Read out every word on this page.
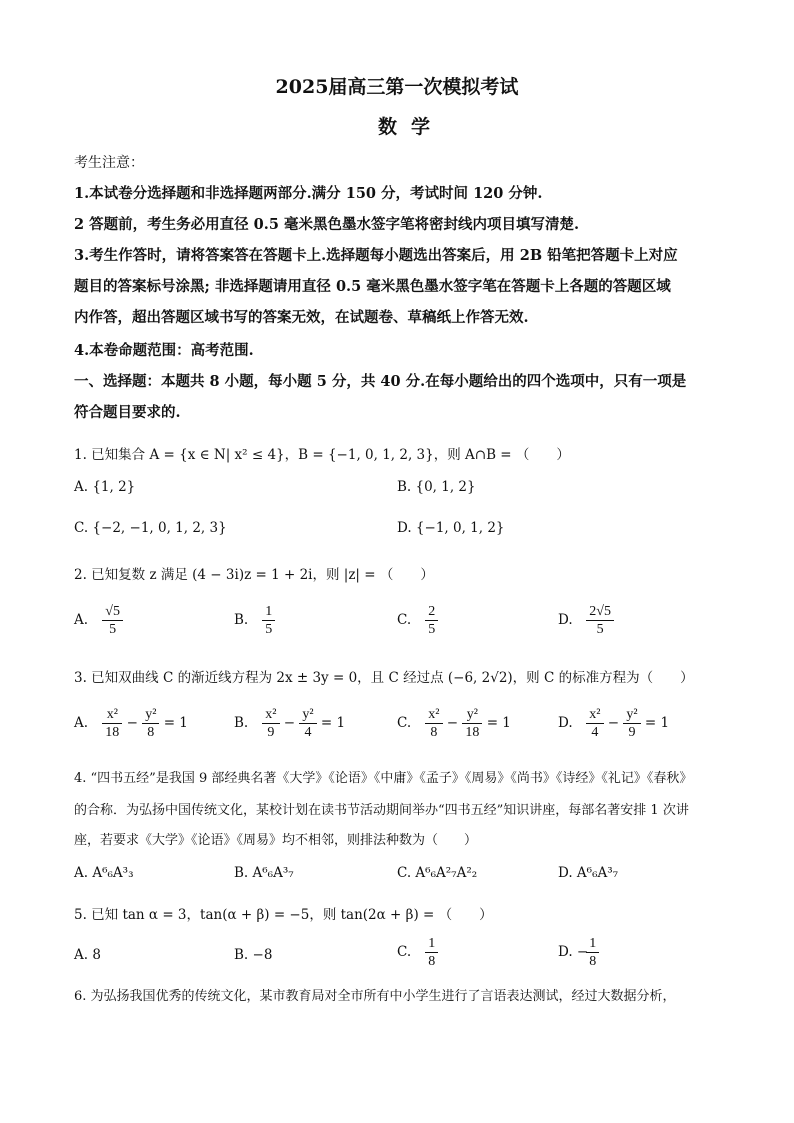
2025届高三第一次模拟考试
数学
考生注意：
1.本试卷分选择题和非选择题两部分.满分 150 分，考试时间 120 分钟.
2 答题前，考生务必用直径 0.5 毫米黑色墨水签字笔将密封线内项目填写清楚.
3.考生作答时，请将答案答在答题卡上.选择题每小题选出答案后，用 2B 铅笔把答题卡上对应
题目的答案标号涂黑; 非选择题请用直径 0.5 毫米黑色墨水签字笔在答题卡上各题的答题区域
内作答，超出答题区域书写的答案无效，在试题卷、草稿纸上作答无效.
4.本卷命题范围：高考范围.
一、选择题：本题共 8 小题，每小题 5 分，共 40 分.在每小题给出的四个选项中，只有一项是
符合题目要求的.
1. 已知集合 A = {x ∈ N| x² ≤ 4}，B = {−1, 0, 1, 2, 3}，则 A∩B = （　　）
A. {1, 2}	B. {0, 1, 2}
C. {−2, −1, 0, 1, 2, 3}	D. {−1, 0, 1, 2}
2. 已知复数 z 满足 (4 − 3i)z = 1 + 2i，则 |z| = （　　）
A. $\frac{√5}{5}$	B. $\frac{1}{5}$	C. $\frac{2}{5}$	D. $\frac{2√5}{5}$
3. 已知双曲线 C 的渐近线方程为 2x ± 3y = 0，且 C 经过点 (−6, 2√2)，则 C 的标准方程为（　　）
A. $\frac{\text{x²}}{18} - \frac{\text{y²}}{8} = 1$	B. $\frac{\text{x²}}{9} - \frac{\text{y²}}{4} = 1$	C. $\frac{\text{x²}}{8} - \frac{\text{y²}}{18} = 1$	D. $\frac{\text{x²}}{4} - \frac{\text{y²}}{9} = 1$
4. “四书五经”是我国 9 部经典名著《大学》《论语》《中庸》《孟子》《周易》《尚书》《诗经》《礼记》《春秋》
的合称．为弘扬中国传统文化，某校计划在读书节活动期间举办“四书五经”知识讲座，每部名著安排 1 次讲
座，若要求《大学》《论语》《周易》均不相邻，则排法种数为（　　）
A. A⁶₆A³₃	B. A⁶₆A³₇	C. A⁶₆A²₇A²₂	D. A⁶₆A³₇
5. 已知 tan α = 3，tan(α + β) = −5，则 tan(2α + β) = （　　）
A. 8	B. −8	C. $\frac{1}{8}$	D. −
$\frac{1}{8}$
6. 为弘扬我国优秀的传统文化，某市教育局对全市所有中小学生进行了言语表达测试，经过大数据分析，
